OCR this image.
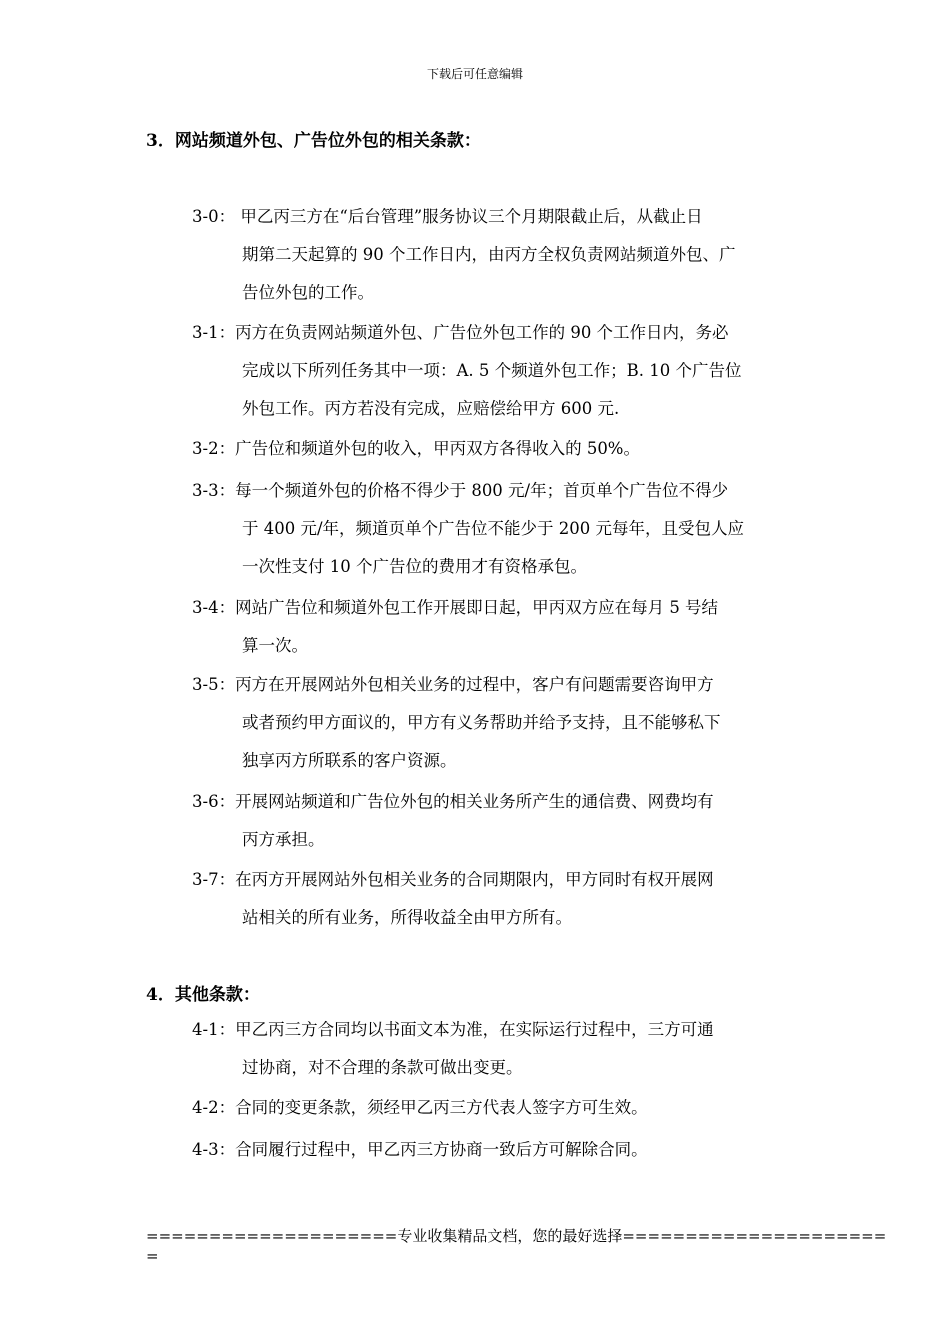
下载后可任意编辑
3．网站频道外包、广告位外包的相关条款：
3-0： 甲乙丙三方在“后台管理”服务协议三个月期限截止后，从截止日
期第二天起算的 90 个工作日内，由丙方全权负责网站频道外包、广
告位外包的工作。
3-1：丙方在负责网站频道外包、广告位外包工作的 90 个工作日内，务必
完成以下所列任务其中一项：A. 5 个频道外包工作；B. 10 个广告位
外包工作。丙方若没有完成，应赔偿给甲方 600 元.
3-2：广告位和频道外包的收入，甲丙双方各得收入的 50%。
3-3：每一个频道外包的价格不得少于 800 元/年；首页单个广告位不得少
于 400 元/年，频道页单个广告位不能少于 200 元每年，且受包人应
一次性支付 10 个广告位的费用才有资格承包。
3-4：网站广告位和频道外包工作开展即日起，甲丙双方应在每月 5 号结
算一次。
3-5：丙方在开展网站外包相关业务的过程中，客户有问题需要咨询甲方
或者预约甲方面议的，甲方有义务帮助并给予支持，且不能够私下
独享丙方所联系的客户资源。
3-6：开展网站频道和广告位外包的相关业务所产生的通信费、网费均有
丙方承担。
3-7：在丙方开展网站外包相关业务的合同期限内，甲方同时有权开展网
站相关的所有业务，所得收益全由甲方所有。
4．其他条款：
4-1：甲乙丙三方合同均以书面文本为准，在实际运行过程中，三方可通
过协商，对不合理的条款可做出变更。
4-2：合同的变更条款，须经甲乙丙三方代表人签字方可生效。
4-3：合同履行过程中，甲乙丙三方协商一致后方可解除合同。
====================专业收集精品文档，您的最好选择=====================
=
